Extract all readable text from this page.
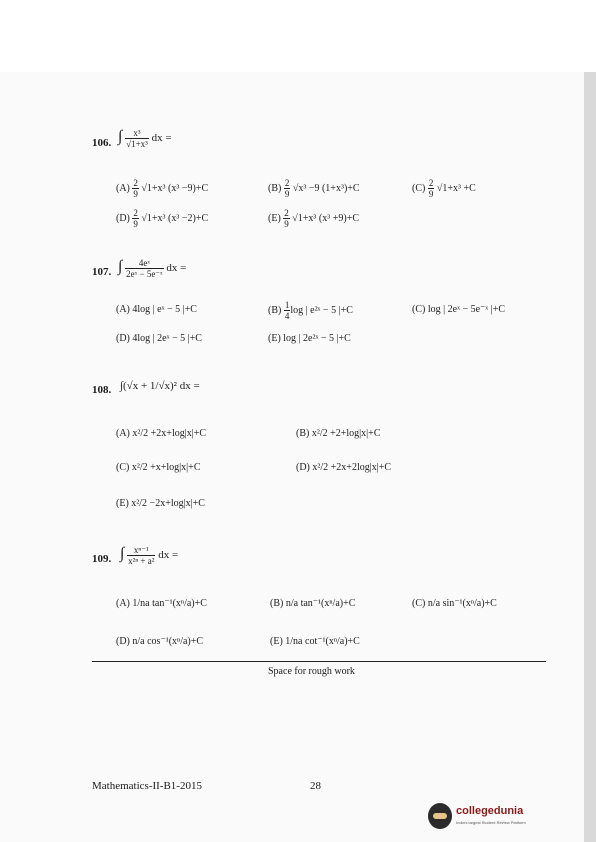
106. ∫ $\frac{\text{x³}}{\text{√1+x³}}$ dx =
$(A) \frac{2}{9} √1+x^3$ (x³ −9)+C	$(B) \frac{2}{9} √x^3 -9$ (1+x³)+C	$(C) \frac{2}{9} √1+x^3 +C$
$(D) \frac{2}{9} √1+x^3$ (x³ −2)+C	$(E) \frac{2}{9} √1+x^3$ (x³ +9)+C
107. ∫ $\frac{\text{4eˣ}}{\text{2eˣ − 5e⁻ˣ}}$ dx =
(A) 4log | eˣ − 5 |+C	$(B) \frac{1}{4}$ log | e²ˣ − 5 |+C	(C) log | 2eˣ − 5e⁻ˣ |+C
(D) 4log | 2eˣ − 5 |+C	(E) log | 2e²ˣ − 5 |+C
108. ∫(√x + 1/√x)² dx =
(A) x²/2 +2x+log|x|+C	(B) x²/2 +2+log|x|+C
(C) x²/2 +x+log|x|+C	(D) x²/2 +2x+2log|x|+C
(E) x²/2 −2x+log|x|+C
109. ∫ $\frac{\text{xⁿ⁻¹}}{\text{x²ⁿ + a²}}$ dx =
(A) 1/na tan⁻¹(xⁿ/a)+C	(B) n/a tan⁻¹(xⁿ/a)+C	(C) n/a sin⁻¹(xⁿ/a)+C
(D) n/a cos⁻¹(xⁿ/a)+C	(E) 1/na cot⁻¹(xⁿ/a)+C
Space for rough work
Mathematics-II-B1-2015	28
collegedunia
India's largest Student Review Platform
